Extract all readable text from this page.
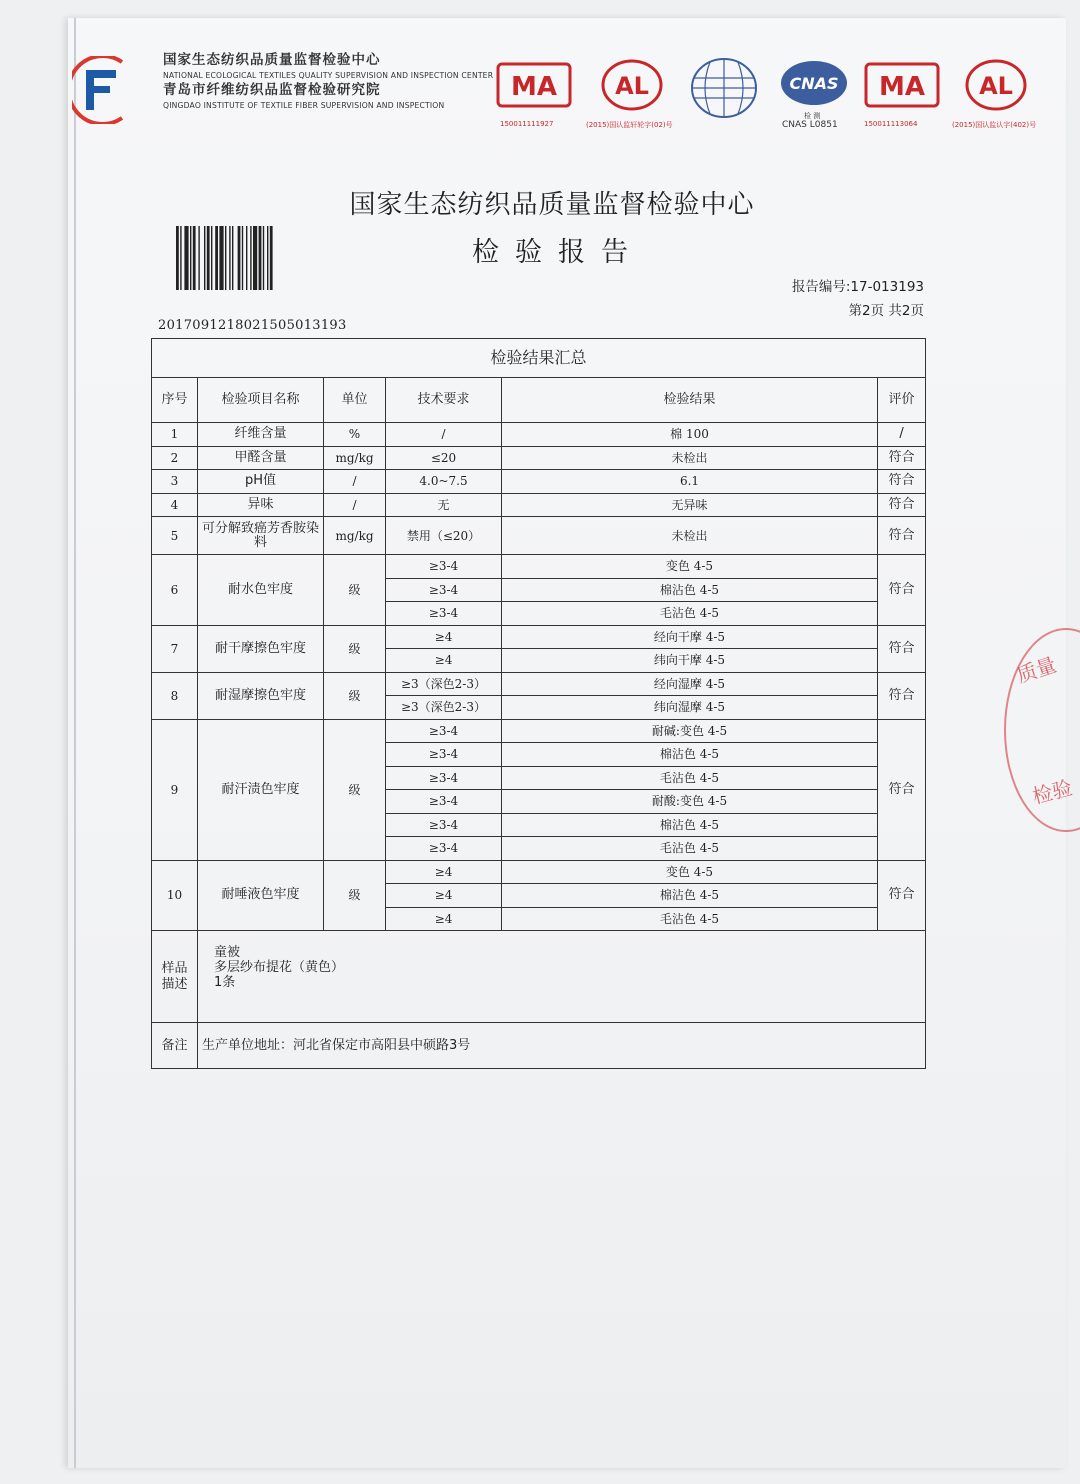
国家生态纺织品质量监督检验中心
NATIONAL ECOLOGICAL TEXTILES QUALITY SUPERVISION AND INSPECTION CENTER
青岛市纤维纺织品监督检验研究院
QINGDAO INSTITUTE OF TEXTILE FIBER SUPERVISION AND INSPECTION
MA
150011111927
AL
(2015)国认监轩轮字(02)号
CNAS
检 测
CNAS L0851
MA
150011113064
AL
(2015)国认监认字(402)号
国家生态纺织品质量监督检验中心
检验报告
20170912180215050131​93
报告编号:17-013193
第2页 共2页
检验结果汇总					
序号	检验项目名称	单位	技术要求	检验结果	评价
1	纤维含量	%	/	棉 100	/
2	甲醛含量	mg/kg	≤20	未检出	符合
3	pH值	/	4.0~7.5	6.1	符合
4	异味	/	无	无异味	符合
5	可分解致癌芳香胺染料	mg/kg	禁用（≤20）	未检出	符合
6	耐水色牢度	级	≥3-4	变色 4-5	符合
			≥3-4	棉沾色 4-5	
			≥3-4	毛沾色 4-5	
7	耐干摩擦色牢度	级	≥4	经向干摩 4-5	符合
			≥4	纬向干摩 4-5	
8	耐湿摩擦色牢度	级	≥3（深色2-3）	经向湿摩 4-5	符合
			≥3（深色2-3）	纬向湿摩 4-5	
9	耐汗渍色牢度	级	≥3-4	耐碱:变色 4-5	符合
			≥3-4	棉沾色 4-5	
			≥3-4	毛沾色 4-5	
			≥3-4	耐酸:变色 4-5	
			≥3-4	棉沾色 4-5	
			≥3-4	毛沾色 4-5	
10	耐唾液色牢度	级	≥4	变色 4-5	符合
			≥4	棉沾色 4-5	
			≥4	毛沾色 4-5	
样品描述	童被
多层纱布提花（黄色）
1条				

备注	生产单位地址：河北省保定市高阳县中硕路3号				
质量
检验
